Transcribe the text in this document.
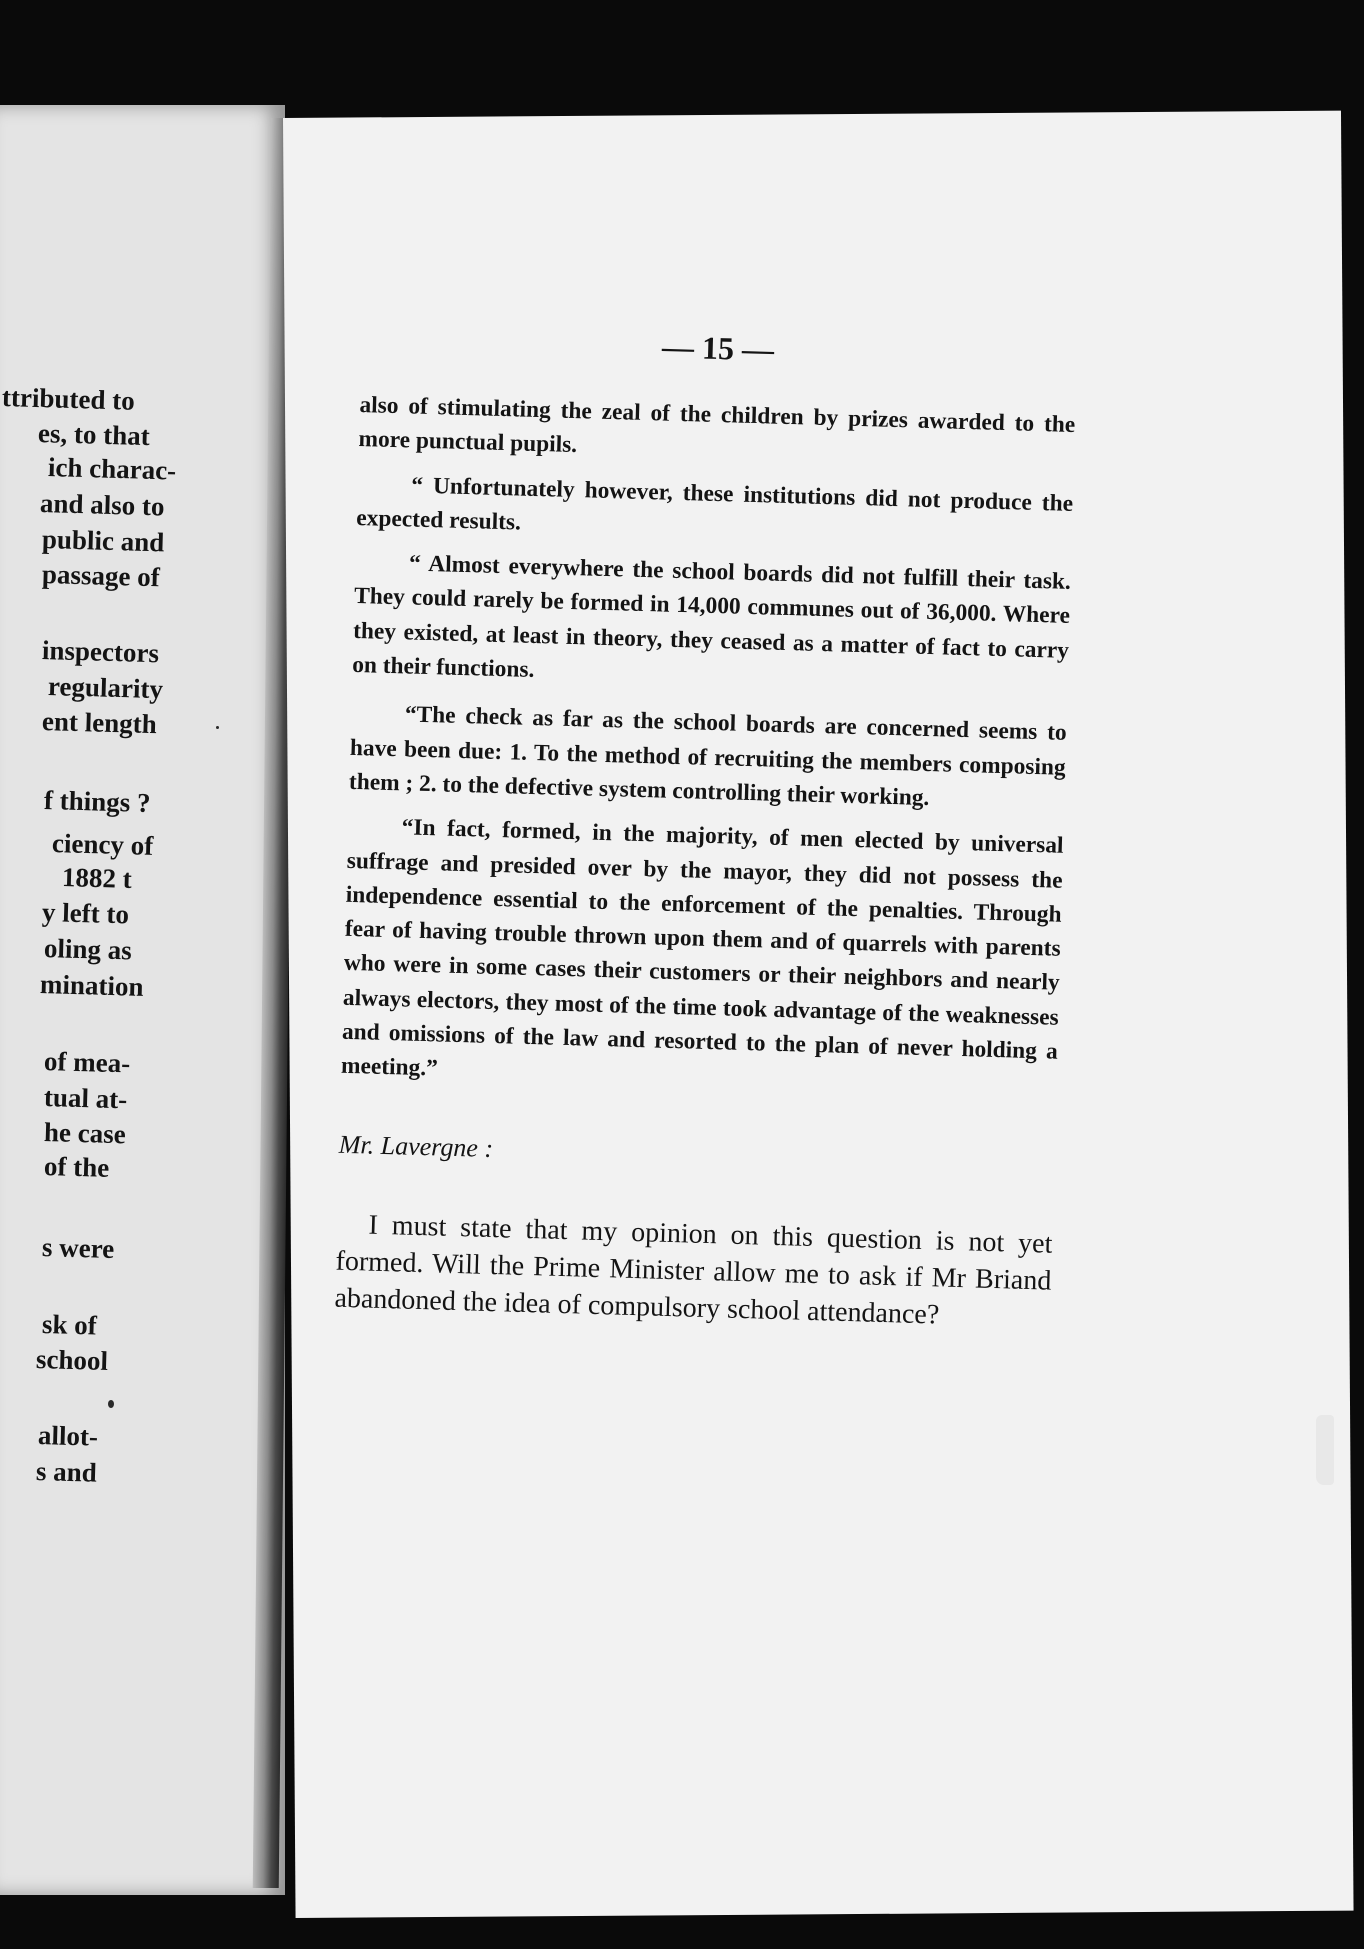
ttributed to
es, to that
ich charac-
and also to
public and
passage of
inspectors
regularity
ent length
f things ?
ciency of
1882 t
y left to
oling as
mination
of mea-
tual at-
he case
of the
s were
sk of
school
allot-
s and
— 15 —

also of stimulating the zeal of the children by prizes awarded to the more punctual pupils.

“ Unfortunately however, these institutions did not produce the expected results.

“ Almost everywhere the school boards did not fulfill their task. They could rarely be formed in 14,000 communes out of 36,000. Where they existed, at least in theory, they ceased as a matter of fact to carry on their functions.

“The check as far as the school boards are concerned seems to have been due: 1. To the method of recruiting the members composing them ; 2. to the defective system controlling their working.

“In fact, formed, in the majority, of men elected by universal suffrage and presided over by the mayor, they did not possess the independence essential to the enforcement of the penalties. Through fear of having trouble thrown upon them and of quarrels with parents who were in some cases their customers or their neighbors and nearly always electors, they most of the time took advantage of the weaknesses and omissions of the law and resorted to the plan of never holding a meeting.”

Mr. Lavergne :

I must state that my opinion on this question is not yet formed. Will the Prime Minister allow me to ask if Mr Briand abandoned the idea of compulsory school attendance?
